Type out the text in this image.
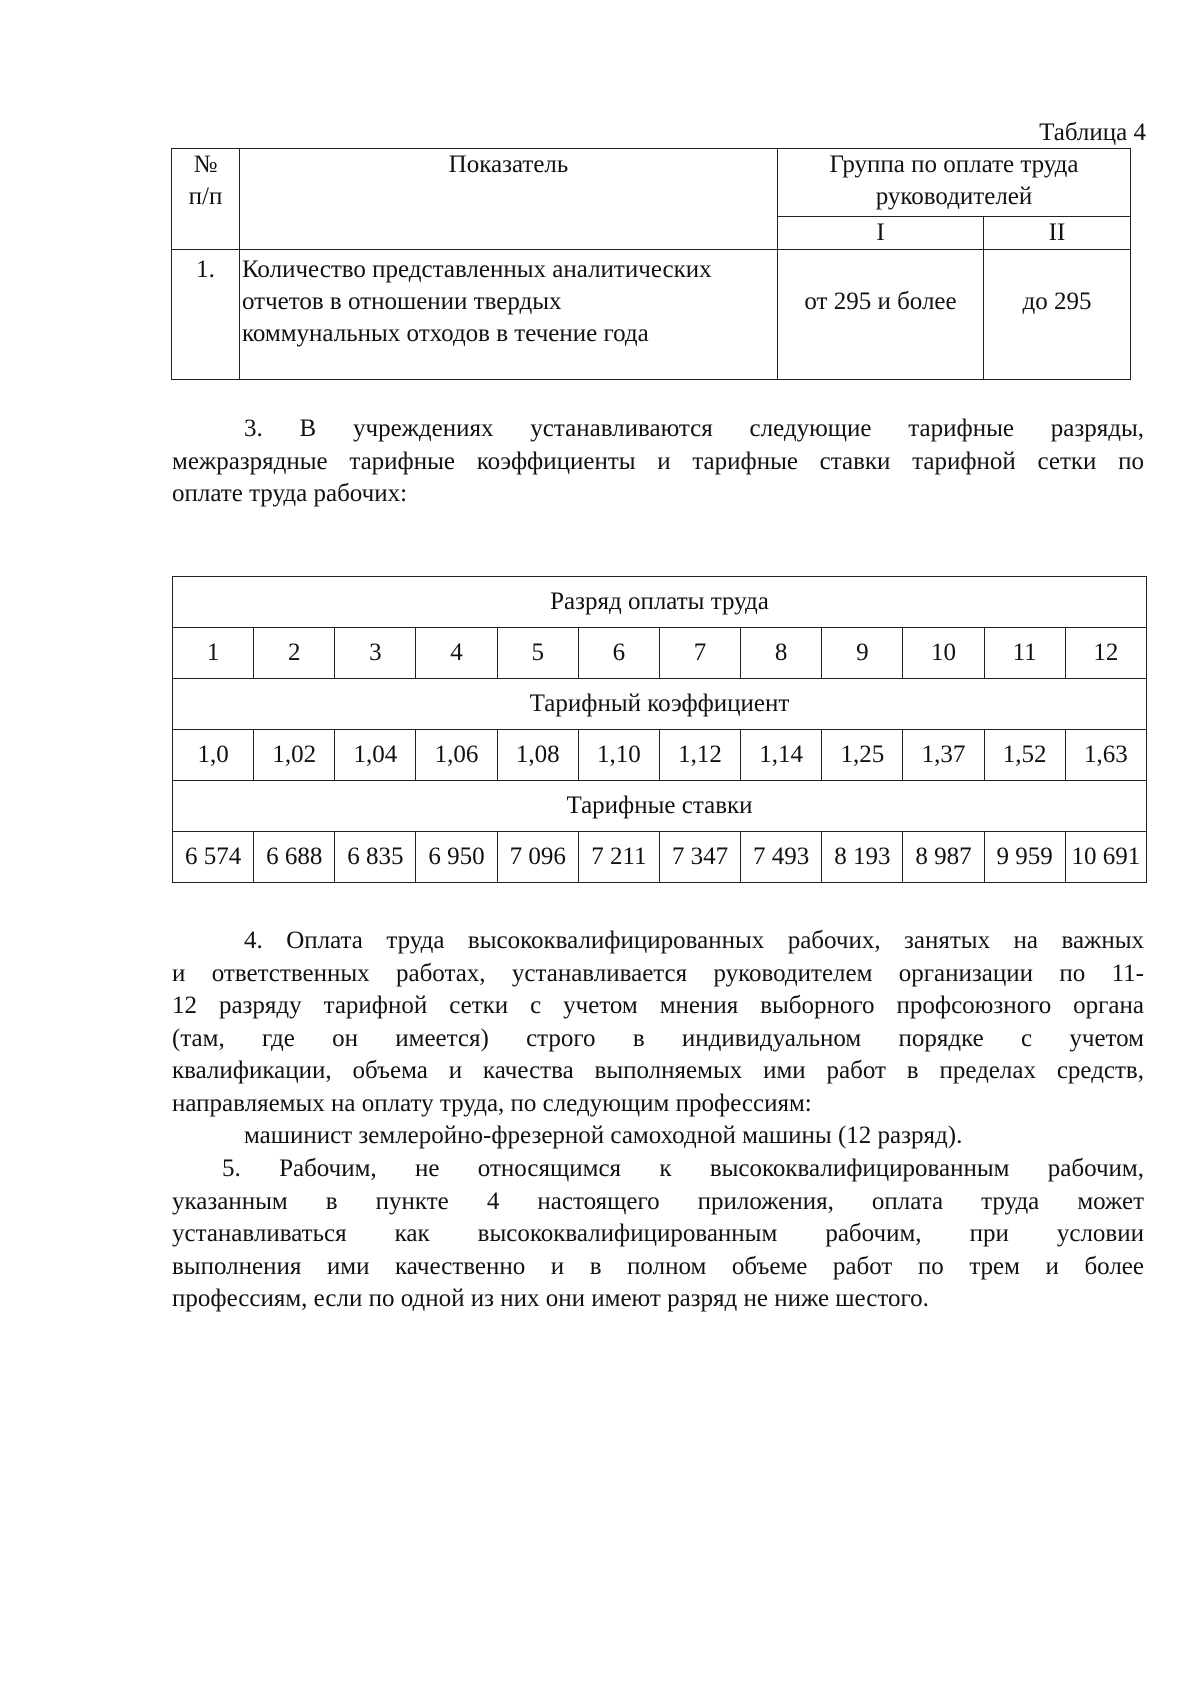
Таблица 4
№
п/п	Показатель	Группа по оплате труда
руководителей	
		I	II
1.	Количество представленных аналитических
отчетов в отношении твердых
коммунальных отходов в течение года	от 295 и более	до 295
3. В учреждениях устанавливаются следующие тарифные разряды,
межразрядные тарифные коэффициенты и тарифные ставки тарифной сетки по
оплате труда рабочих:
Разряд оплаты труда											
1	2	3	4	5	6	7	8	9	10	11	12
Тарифный коэффициент											
1,0	1,02	1,04	1,06	1,08	1,10	1,12	1,14	1,25	1,37	1,52	1,63
Тарифные ставки											
6 574	6 688	6 835	6 950	7 096	7 211	7 347	7 493	8 193	8 987	9 959	10 691
4. Оплата труда высококвалифицированных рабочих, занятых на важных
и ответственных работах, устанавливается руководителем организации по 11-
12 разряду тарифной сетки с учетом мнения выборного профсоюзного органа
(там, где он имеется) строго в индивидуальном порядке с учетом
квалификации, объема и качества выполняемых ими работ в пределах средств,
направляемых на оплату труда, по следующим профессиям:
машинист землеройно-фрезерной самоходной машины (12 разряд).
5. Рабочим, не относящимся к высококвалифицированным рабочим,
указанным в пункте 4 настоящего приложения, оплата труда может
устанавливаться как высококвалифицированным рабочим, при условии
выполнения ими качественно и в полном объеме работ по трем и более
профессиям, если по одной из них они имеют разряд не ниже шестого.
